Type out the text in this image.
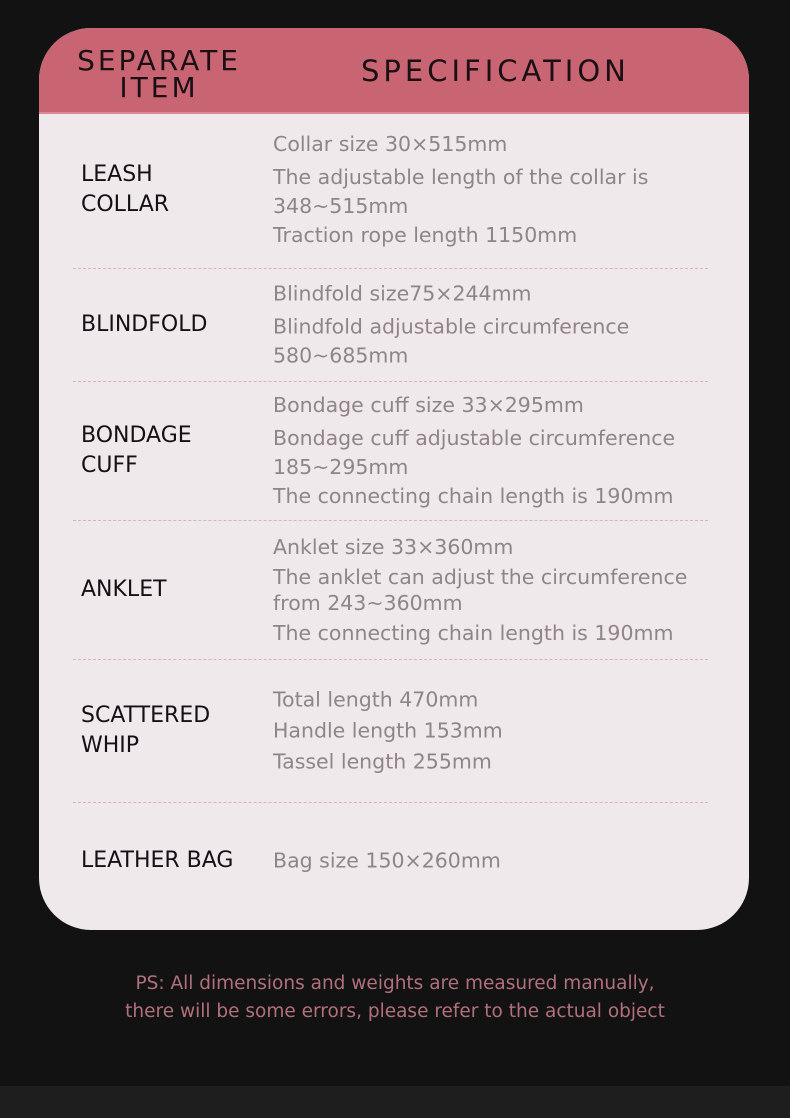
SEPARATE
ITEM	SPECIFICATION
LEASH
COLLAR
Collar size 30×515mm
The adjustable length of the collar is
348~515mm
Traction rope length 1150mm
BLINDFOLD
Blindfold size75×244mm
Blindfold adjustable circumference
580~685mm
BONDAGE
CUFF
Bondage cuff size 33×295mm
Bondage cuff adjustable circumference
185~295mm
The connecting chain length is 190mm
ANKLET
Anklet size 33×360mm
The anklet can adjust the circumference
from 243~360mm
The connecting chain length is 190mm
SCATTERED
WHIP
Total length 470mm
Handle length 153mm
Tassel length 255mm
LEATHER BAG	Bag size 150×260mm
PS: All dimensions and weights are measured manually,
there will be some errors, please refer to the actual object
